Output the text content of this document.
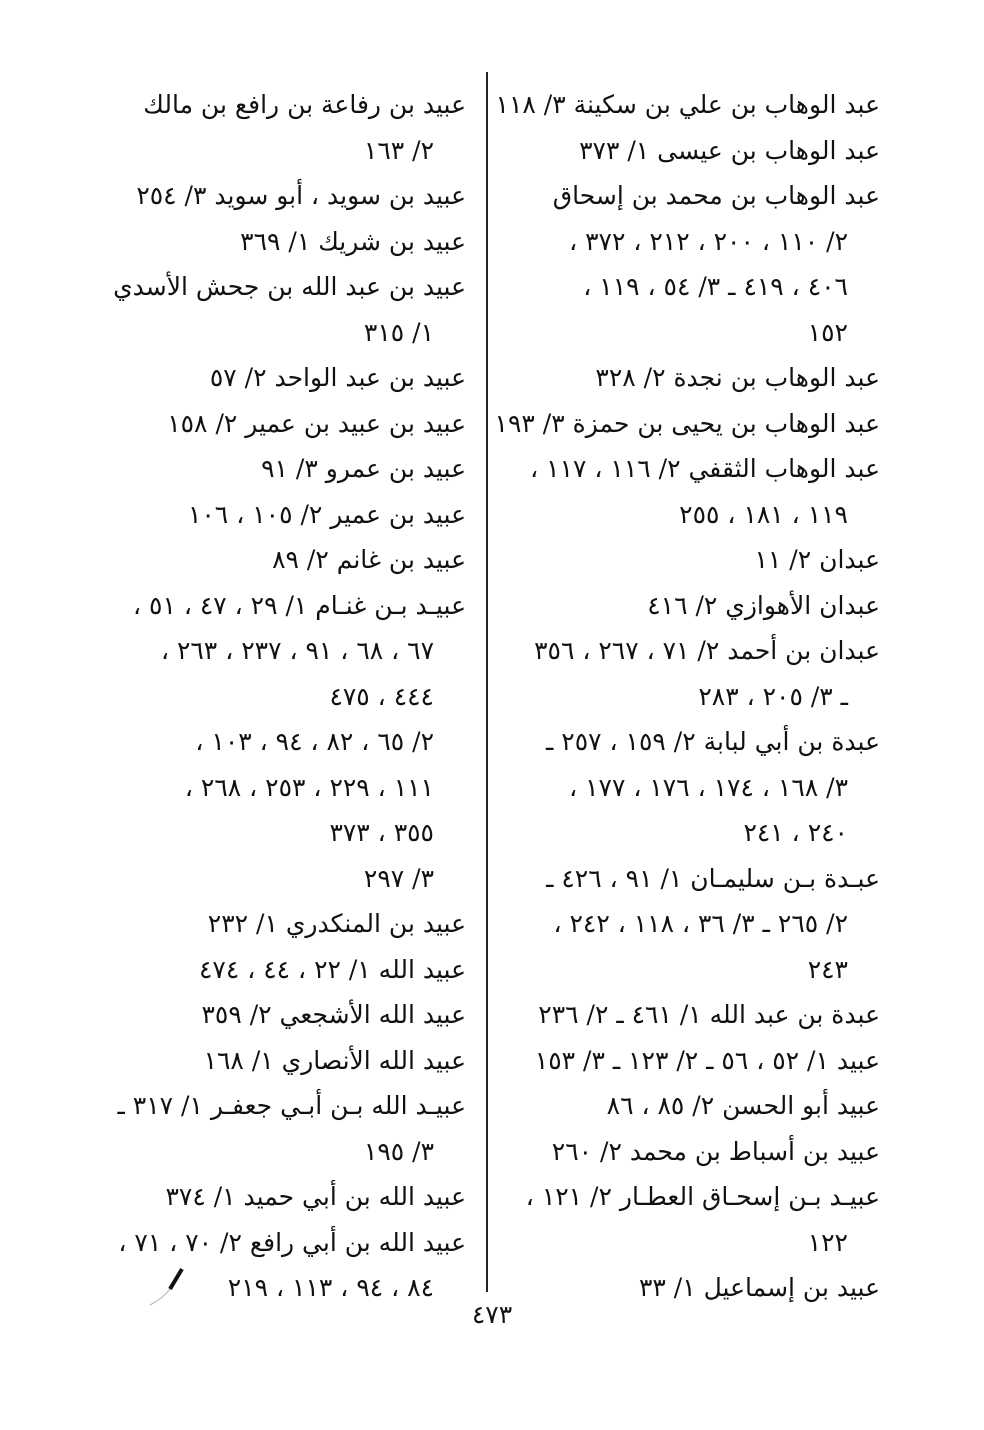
عبد الوهاب بن علي بن سكينة ٣/ ١١٨
عبد الوهاب بن عيسى ١/ ٣٧٣
عبد الوهاب بن محمد بن إسحاق
٢/ ١١٠ ، ٢٠٠ ، ٢١٢ ، ٣٧٢ ،
٤٠٦ ، ٤١٩ ـ ٣/ ٥٤ ، ١١٩ ،
١٥٢
عبد الوهاب بن نجدة ٢/ ٣٢٨
عبد الوهاب بن يحيى بن حمزة ٣/ ١٩٣
عبد الوهاب الثقفي ٢/ ١١٦ ، ١١٧ ،
١١٩ ، ١٨١ ، ٢٥٥
عبدان ٢/ ١١
عبدان الأهوازي ٢/ ٤١٦
عبدان بن أحمد ٢/ ٧١ ، ٢٦٧ ، ٣٥٦
ـ ٣/ ٢٠٥ ، ٢٨٣
عبدة بن أبي لبابة ٢/ ١٥٩ ، ٢٥٧ ـ
٣/ ١٦٨ ، ١٧٤ ، ١٧٦ ، ١٧٧ ،
٢٤٠ ، ٢٤١
عبـدة بـن سليمـان ١/ ٩١ ، ٤٢٦ ـ
٢/ ٢٦٥ ـ ٣/ ٣٦ ، ١١٨ ، ٢٤٢ ،
٢٤٣
عبدة بن عبد الله ١/ ٤٦١ ـ ٢/ ٢٣٦
عبيد ١/ ٥٢ ، ٥٦ ـ ٢/ ١٢٣ ـ ٣/ ١٥٣
عبيد أبو الحسن ٢/ ٨٥ ، ٨٦
عبيد بن أسباط بن محمد ٢/ ٢٦٠
عبيـد بـن إسحـاق العطـار ٢/ ١٢١ ،
١٢٢
عبيد بن إسماعيل ١/ ٣٣
عبيد بن رفاعة بن رافع بن مالك
٢/ ١٦٣
عبيد بن سويد ، أبو سويد ٣/ ٢٥٤
عبيد بن شريك ١/ ٣٦٩
عبيد بن عبد الله بن جحش الأسدي
١/ ٣١٥
عبيد بن عبد الواحد ٢/ ٥٧
عبيد بن عبيد بن عمير ٢/ ١٥٨
عبيد بن عمرو ٣/ ٩١
عبيد بن عمير ٢/ ١٠٥ ، ١٠٦
عبيد بن غانم ٢/ ٨٩
عبيـد بـن غنـام ١/ ٢٩ ، ٤٧ ، ٥١ ،
٦٧ ، ٦٨ ، ٩١ ، ٢٣٧ ، ٢٦٣ ،
٤٤٤ ، ٤٧٥
٢/ ٦٥ ، ٨٢ ، ٩٤ ، ١٠٣ ،
١١١ ، ٢٢٩ ، ٢٥٣ ، ٢٦٨ ،
٣٥٥ ، ٣٧٣
٣/ ٢٩٧
عبيد بن المنكدري ١/ ٢٣٢
عبيد الله ١/ ٢٢ ، ٤٤ ، ٤٧٤
عبيد الله الأشجعي ٢/ ٣٥٩
عبيد الله الأنصاري ١/ ١٦٨
عبيـد الله بـن أبـي جعفـر ١/ ٣١٧ ـ
٣/ ١٩٥
عبيد الله بن أبي حميد ١/ ٣٧٤
عبيد الله بن أبي رافع ٢/ ٧٠ ، ٧١ ،
٨٤ ، ٩٤ ، ١١٣ ، ٢١٩
٤٧٣
